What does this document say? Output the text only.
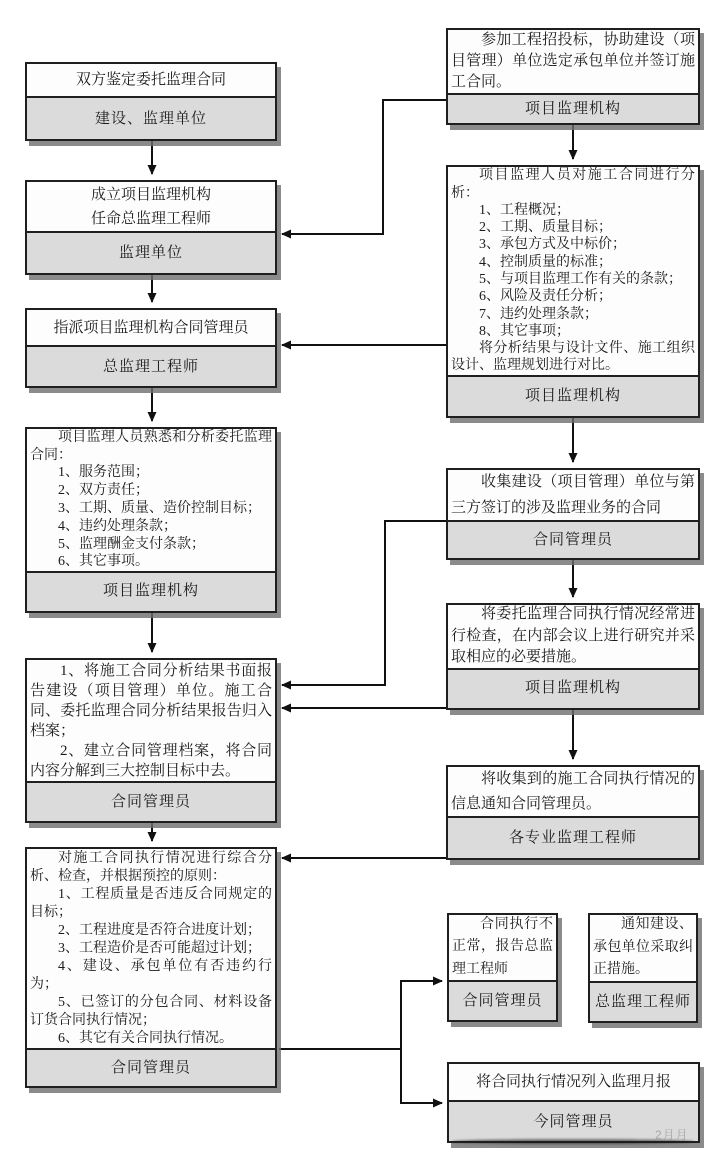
双方鉴定委托监理合同

建设、监理单位

成立项目监理机构

任命总监理工程师

监理单位

指派项目监理机构合同管理员

总监理工程师

项目监理人员熟悉和分析委托监理合同：

1、服务范围；

2、双方责任；

3、工期、质量、造价控制目标；

4、违约处理条款；

5、监理酬金支付条款；

6、其它事项。

项目监理机构

1、将施工合同分析结果书面报告建设（项目管理）单位。施工合同、委托监理合同分析结果报告归入档案；

2、建立合同管理档案，将合同内容分解到三大控制目标中去。

合同管理员

对施工合同执行情况进行综合分析、检查，并根据预控的原则：

1、工程质量是否违反合同规定的目标；

2、工程进度是否符合进度计划；

3、工程造价是否可能超过计划；

4、建设、承包单位有否违约行为；

5、已签订的分包合同、材料设备订货合同执行情况；

6、其它有关合同执行情况。

合同管理员

参加工程招投标，协助建设（项目管理）单位选定承包单位并签订施工合同。

项目监理机构

项目监理人员对施工合同进行分析：

1、工程概况；

2、工期、质量目标；

3、承包方式及中标价；

4、控制质量的标准；

5、与项目监理工作有关的条款；

6、风险及责任分析；

7、违约处理条款；

8、其它事项；

将分析结果与设计文件、施工组织设计、监理规划进行对比。

项目监理机构

收集建设（项目管理）单位与第三方签订的涉及监理业务的合同

合同管理员

将委托监理合同执行情况经常进行检查，在内部会议上进行研究并采取相应的必要措施。

项目监理机构

将收集到的施工合同执行情况的信息通知合同管理员。

各专业监理工程师

合同执行不正常，报告总监理工程师

合同管理员

通知建设、承包单位采取纠正措施。

总监理工程师

将合同执行情况列入监理月报

今同管理员
2月月
